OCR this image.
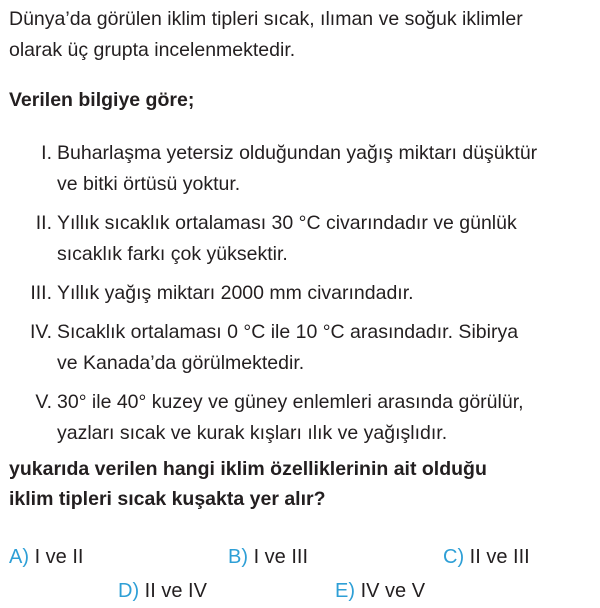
Dünya’da görülen iklim tipleri sıcak, ılıman ve soğuk iklimler
olarak üç grupta incelenmektedir.
Verilen bilgiye göre;
I. Buharlaşma yetersiz olduğundan yağış miktarı düşüktür
ve bitki örtüsü yoktur.
II. Yıllık sıcaklık ortalaması 30 °C civarındadır ve günlük
sıcaklık farkı çok yüksektir.
III. Yıllık yağış miktarı 2000 mm civarındadır.
IV. Sıcaklık ortalaması 0 °C ile 10 °C arasındadır. Sibirya
ve Kanada’da görülmektedir.
V. 30° ile 40° kuzey ve güney enlemleri arasında görülür,
yazları sıcak ve kurak kışları ılık ve yağışlıdır.
yukarıda verilen hangi iklim özelliklerinin ait olduğu
iklim tipleri sıcak kuşakta yer alır?
A) I ve II	B) I ve III	C) II ve III
D) II ve IV	E) IV ve V
